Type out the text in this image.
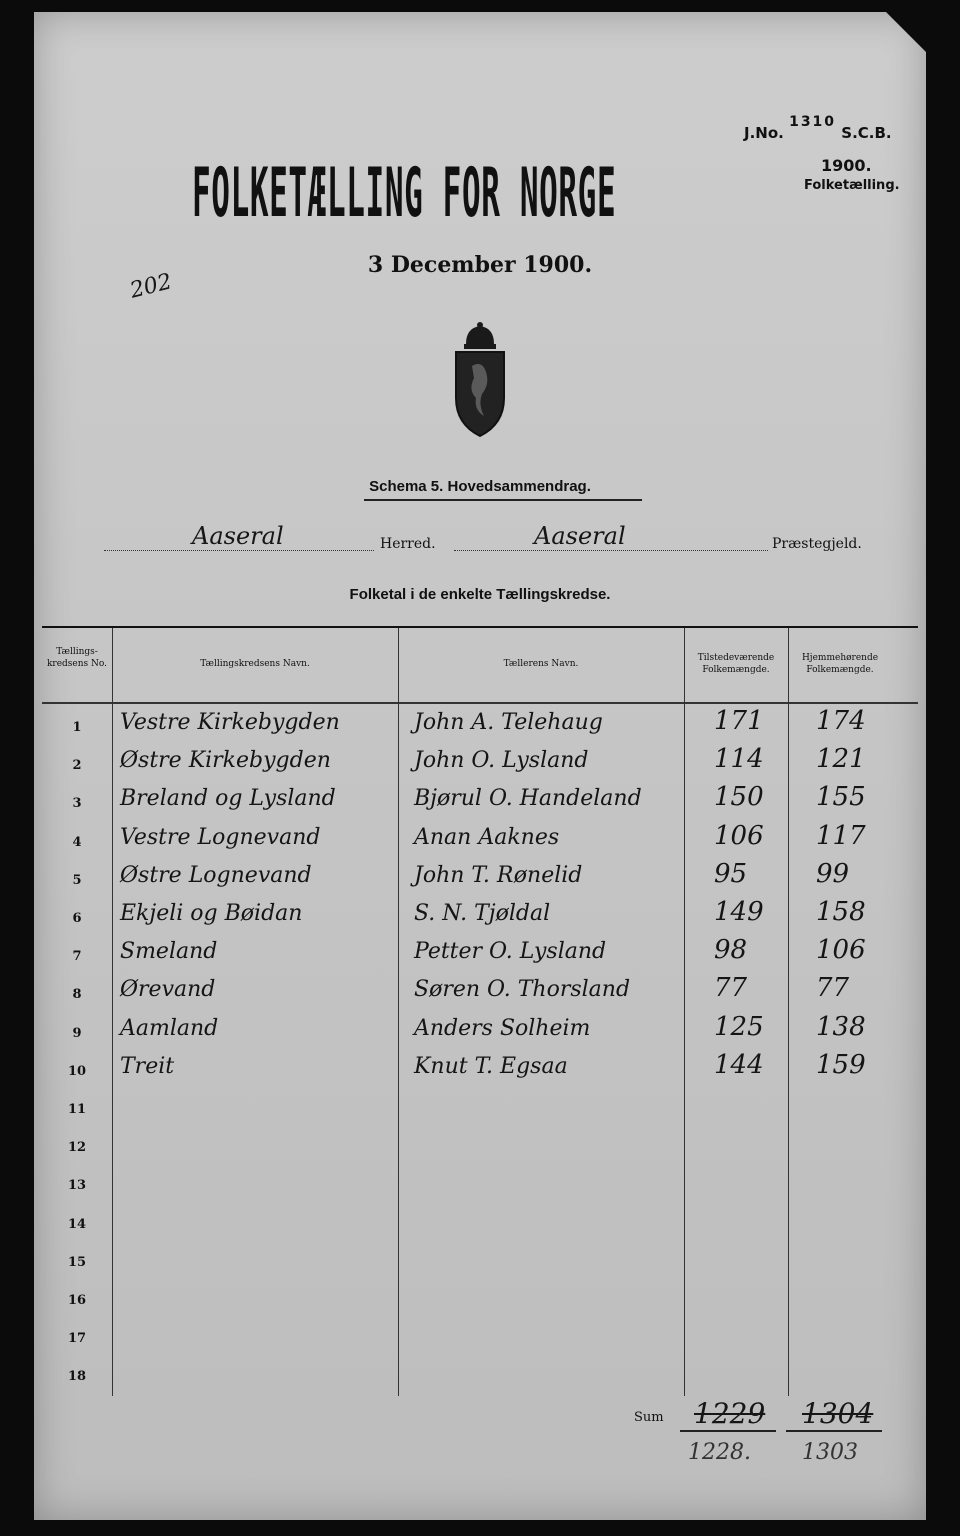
J.No. 1310 S.C.B.
1900.
Folketælling.
FOLKETÆLLING FOR NORGE
3 December 1900.
202
Schema 5. Hovedsammendrag.
Aaseral	Herred.	Aaseral	Præstegjeld.
Folketal i de enkelte Tællingskredse.
Tællings-kredsens No.	Tællingskredsens Navn.	Tællerens Navn.
Tilstedeværende Folkemængde.
Hjemmehørende Folkemængde.
1	Vestre Kirkebygden	John A. Telehaug	171 174
2	Østre Kirkebygden	John O. Lysland	114 121
3	Breland og Lysland	Bjørul O. Handeland	150 155
4	Vestre Lognevand	Anan Aaknes	106 117
5	Østre Lognevand	John T. Rønelid	95	99
6	Ekjeli og Bøidan	S. N. Tjøldal	149 158
7	Smeland	Petter O. Lysland	98	106
8	Ørevand	Søren O. Thorsland	77	77
9	Aamland	Anders Solheim	125 138
10	Treit	Knut T. Egsaa	144 159
11
12
13
14
15
16
17
18
Sum 1229 1304
1228. 1303
